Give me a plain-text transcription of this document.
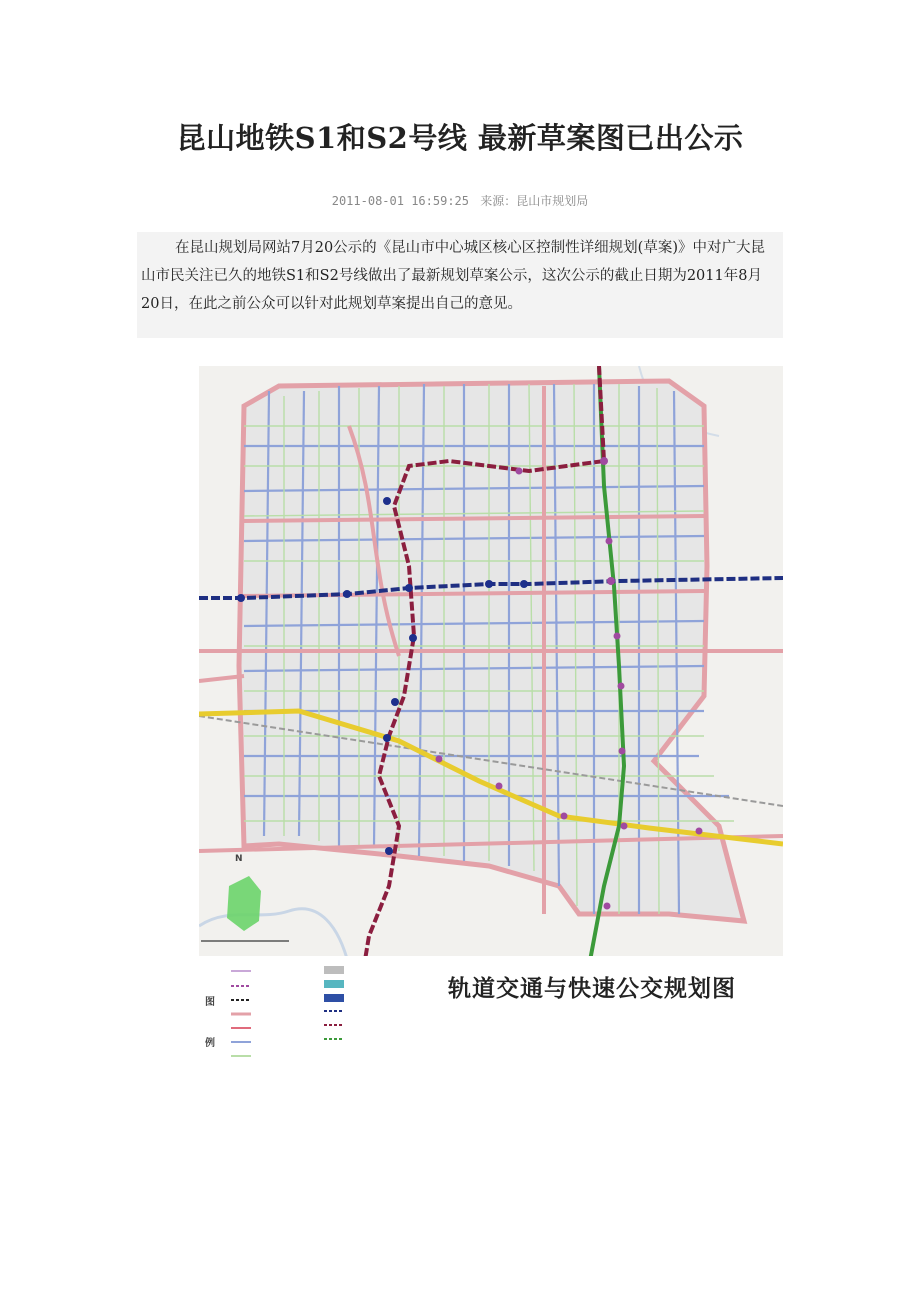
昆山地铁S1和S2号线 最新草案图已出公示
2011-08-01 16:59:25 来源：昆山市规划局
在昆山规划局网站7月20公示的《昆山市中心城区核心区控制性详细规划(草案)》中对广大昆山市民关注已久的地铁S1和S2号线做出了最新规划草案公示，这次公示的截止日期为2011年8月20日，在此之前公众可以针对此规划草案提出自己的意见。
图
例
N
轨道交通与快速公交规划图
